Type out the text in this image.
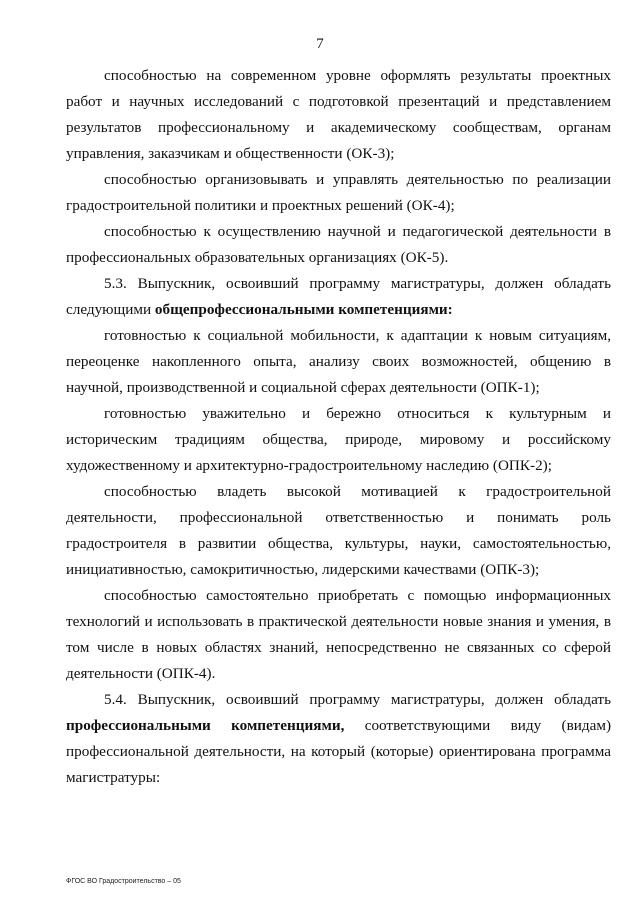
7

способностью на современном уровне оформлять результаты проектных работ и научных исследований с подготовкой презентаций и представлением результатов профессиональному и академическому сообществам, органам управления, заказчикам и общественности (ОК-3);

способностью организовывать и управлять деятельностью по реализации градостроительной политики и проектных решений (ОК-4);

способностью к осуществлению научной и педагогической деятельности в профессиональных образовательных организациях (ОК-5).

5.3. Выпускник, освоивший программу магистратуры, должен обладать следующими общепрофессиональными компетенциями:

готовностью к социальной мобильности, к адаптации к новым ситуациям, переоценке накопленного опыта, анализу своих возможностей, общению в научной, производственной и социальной сферах деятельности (ОПК-1);

готовностью уважительно и бережно относиться к культурным и историческим традициям общества, природе, мировому и российскому художественному и архитектурно-градостроительному наследию (ОПК-2);

способностью владеть высокой мотивацией к градостроительной деятельности, профессиональной ответственностью и понимать роль градостроителя в развитии общества, культуры, науки, самостоятельностью, инициативностью, самокритичностью, лидерскими качествами (ОПК-3);

способностью самостоятельно приобретать с помощью информационных технологий и использовать в практической деятельности новые знания и умения, в том числе в новых областях знаний, непосредственно не связанных со сферой деятельности (ОПК-4).

5.4. Выпускник, освоивший программу магистратуры, должен обладать профессиональными компетенциями, соответствующими виду (видам) профессиональной деятельности, на который (которые) ориентирована программа магистратуры:

ФГОС ВО Градостроительство – 05
